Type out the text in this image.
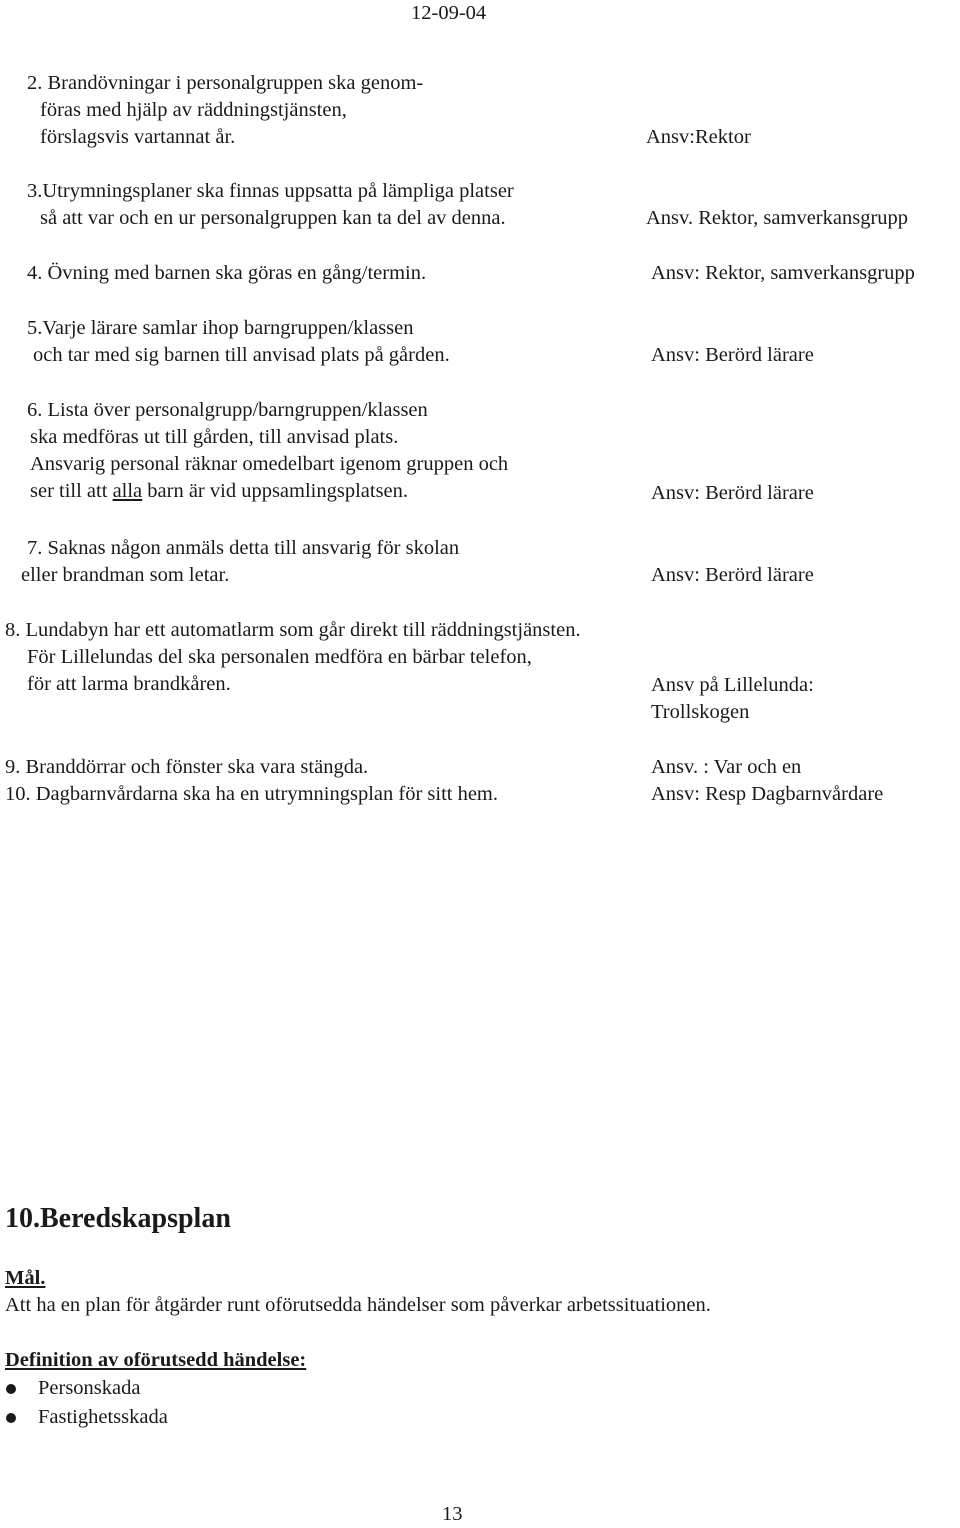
12-09-04
2. Brandövningar i personalgruppen ska genom-
föras med hjälp av räddningstjänsten,
förslagsvis vartannat år.	Ansv:Rektor
3.Utrymningsplaner ska finnas uppsatta på lämpliga platser
så att var och en ur personalgruppen kan ta del av denna.	Ansv. Rektor, samverkansgrupp
4. Övning med barnen ska göras en gång/termin.	Ansv: Rektor, samverkansgrupp
5.Varje lärare samlar ihop barngruppen/klassen
och tar med sig barnen till anvisad plats på gården.	Ansv: Berörd lärare
6. Lista över personalgrupp/barngruppen/klassen
ska medföras ut till gården, till anvisad plats.
Ansvarig personal räknar omedelbart igenom gruppen och
ser till att alla barn är vid uppsamlingsplatsen.	Ansv: Berörd lärare
7. Saknas någon anmäls detta till ansvarig för skolan
eller brandman som letar.	Ansv: Berörd lärare
8. Lundabyn har ett automatlarm som går direkt till räddningstjänsten.
För Lillelundas del ska personalen medföra en bärbar telefon,
för att larma brandkåren.	Ansv på Lillelunda:
Trollskogen
9. Branddörrar och fönster ska vara stängda.	Ansv. : Var och en
10. Dagbarnvårdarna ska ha en utrymningsplan för sitt hem.	Ansv: Resp Dagbarnvårdare
10.Beredskapsplan
Mål.
Att ha en plan för åtgärder runt oförutsedda händelser som påverkar arbetssituationen.
Definition av oförutsedd händelse:
Personskada
Fastighetsskada
13
